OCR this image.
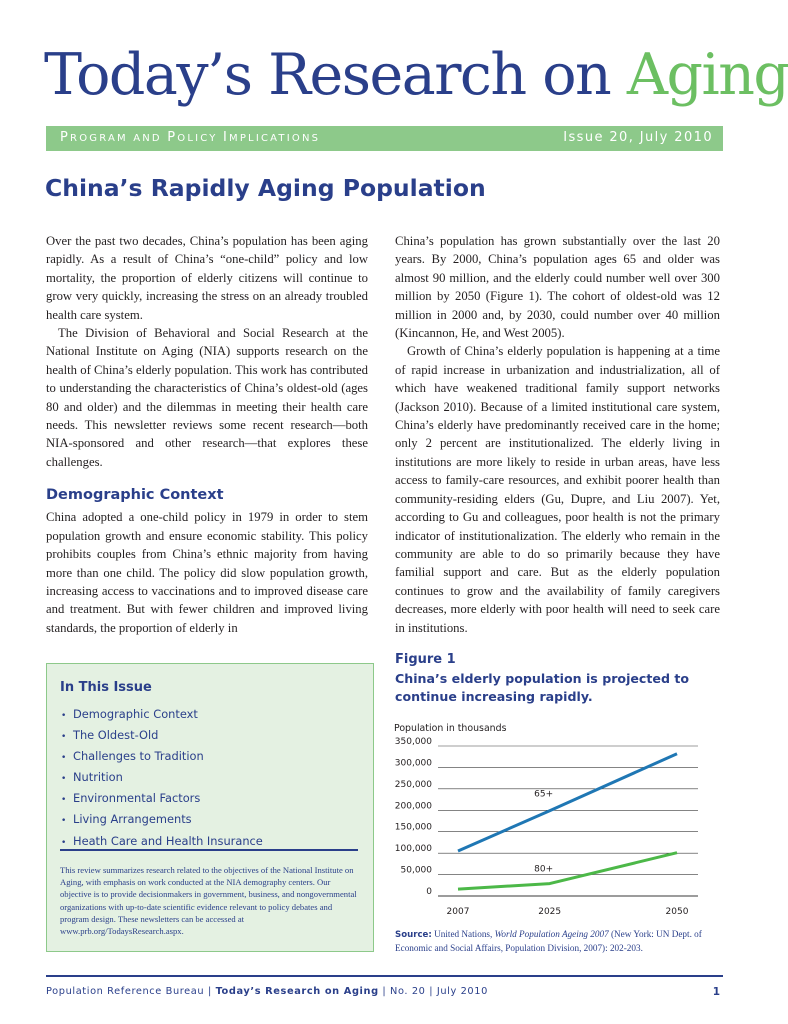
Today’s Research on Aging
PROGRAM AND POLICY IMPLICATIONS	Issue 20, July 2010
China’s Rapidly Aging Population

Over the past two decades, China’s population has been aging rapidly. As a result of China’s “one-child” policy and low mortality, the proportion of elderly citizens will continue to grow very quickly, increasing the stress on an already troubled health care system.

The Division of Behavioral and Social Research at the National Institute on Aging (NIA) supports research on the health of China’s elderly population. This work has contributed to understanding the characteristics of China’s oldest-old (ages 80 and older) and the dilemmas in meeting their health care needs. This newsletter reviews some recent research—both NIA-sponsored and other research—that explores these challenges.

Demographic Context

China adopted a one-child policy in 1979 in order to stem population growth and ensure economic stability. This policy prohibits couples from China’s ethnic majority from having more than one child. The policy did slow population growth, increasing access to vaccinations and to improved disease care and treatment. But with fewer children and improved living standards, the proportion of elderly in

China’s population has grown substantially over the last 20 years. By 2000, China’s population ages 65 and older was almost 90 million, and the elderly could number well over 300 million by 2050 (Figure 1). The cohort of oldest-old was 12 million in 2000 and, by 2030, could number over 40 million (Kincannon, He, and West 2005).

Growth of China’s elderly population is happening at a time of rapid increase in urbanization and industrialization, all of which have weakened traditional family support networks (Jackson 2010). Because of a limited institutional care system, China’s elderly have predominantly received care in the home; only 2 percent are institutionalized. The elderly living in institutions are more likely to reside in urban areas, have less access to family-care resources, and exhibit poorer health than community-residing elders (Gu, Dupre, and Liu 2007). Yet, according to Gu and colleagues, poor health is not the primary indicator of institutionalization. The elderly who remain in the community are able to do so primarily because they have familial support and care. But as the elderly population continues to grow and the availability of family caregivers decreases, more elderly with poor health will need to seek care in institutions.

In This Issue
• Demographic Context
• The Oldest-Old
• Challenges to Tradition
• Nutrition
• Environmental Factors
• Living Arrangements
• Heath Care and Health Insurance
This review summarizes research related to the objectives of the National Institute on Aging, with emphasis on work conducted at the NIA demography centers. Our objective is to provide decisionmakers in government, business, and nongovernmental organizations with up-to-date scientific evidence relevant to policy debates and program design. These newsletters can be accessed at www.prb.org/TodaysResearch.aspx.
Figure 1
China’s elderly population is projected to continue increasing rapidly.
Population in thousands
350,000
300,000
250,000
200,000
150,000
100,000
50,000
0
2007	2025	2050
65+
80+
Source: United Nations, World Population Ageing 2007 (New York: UN Dept. of Economic and Social Affairs, Population Division, 2007): 202-203.
Population Reference Bureau | Today’s Research on Aging | No. 20 | July 2010	1
